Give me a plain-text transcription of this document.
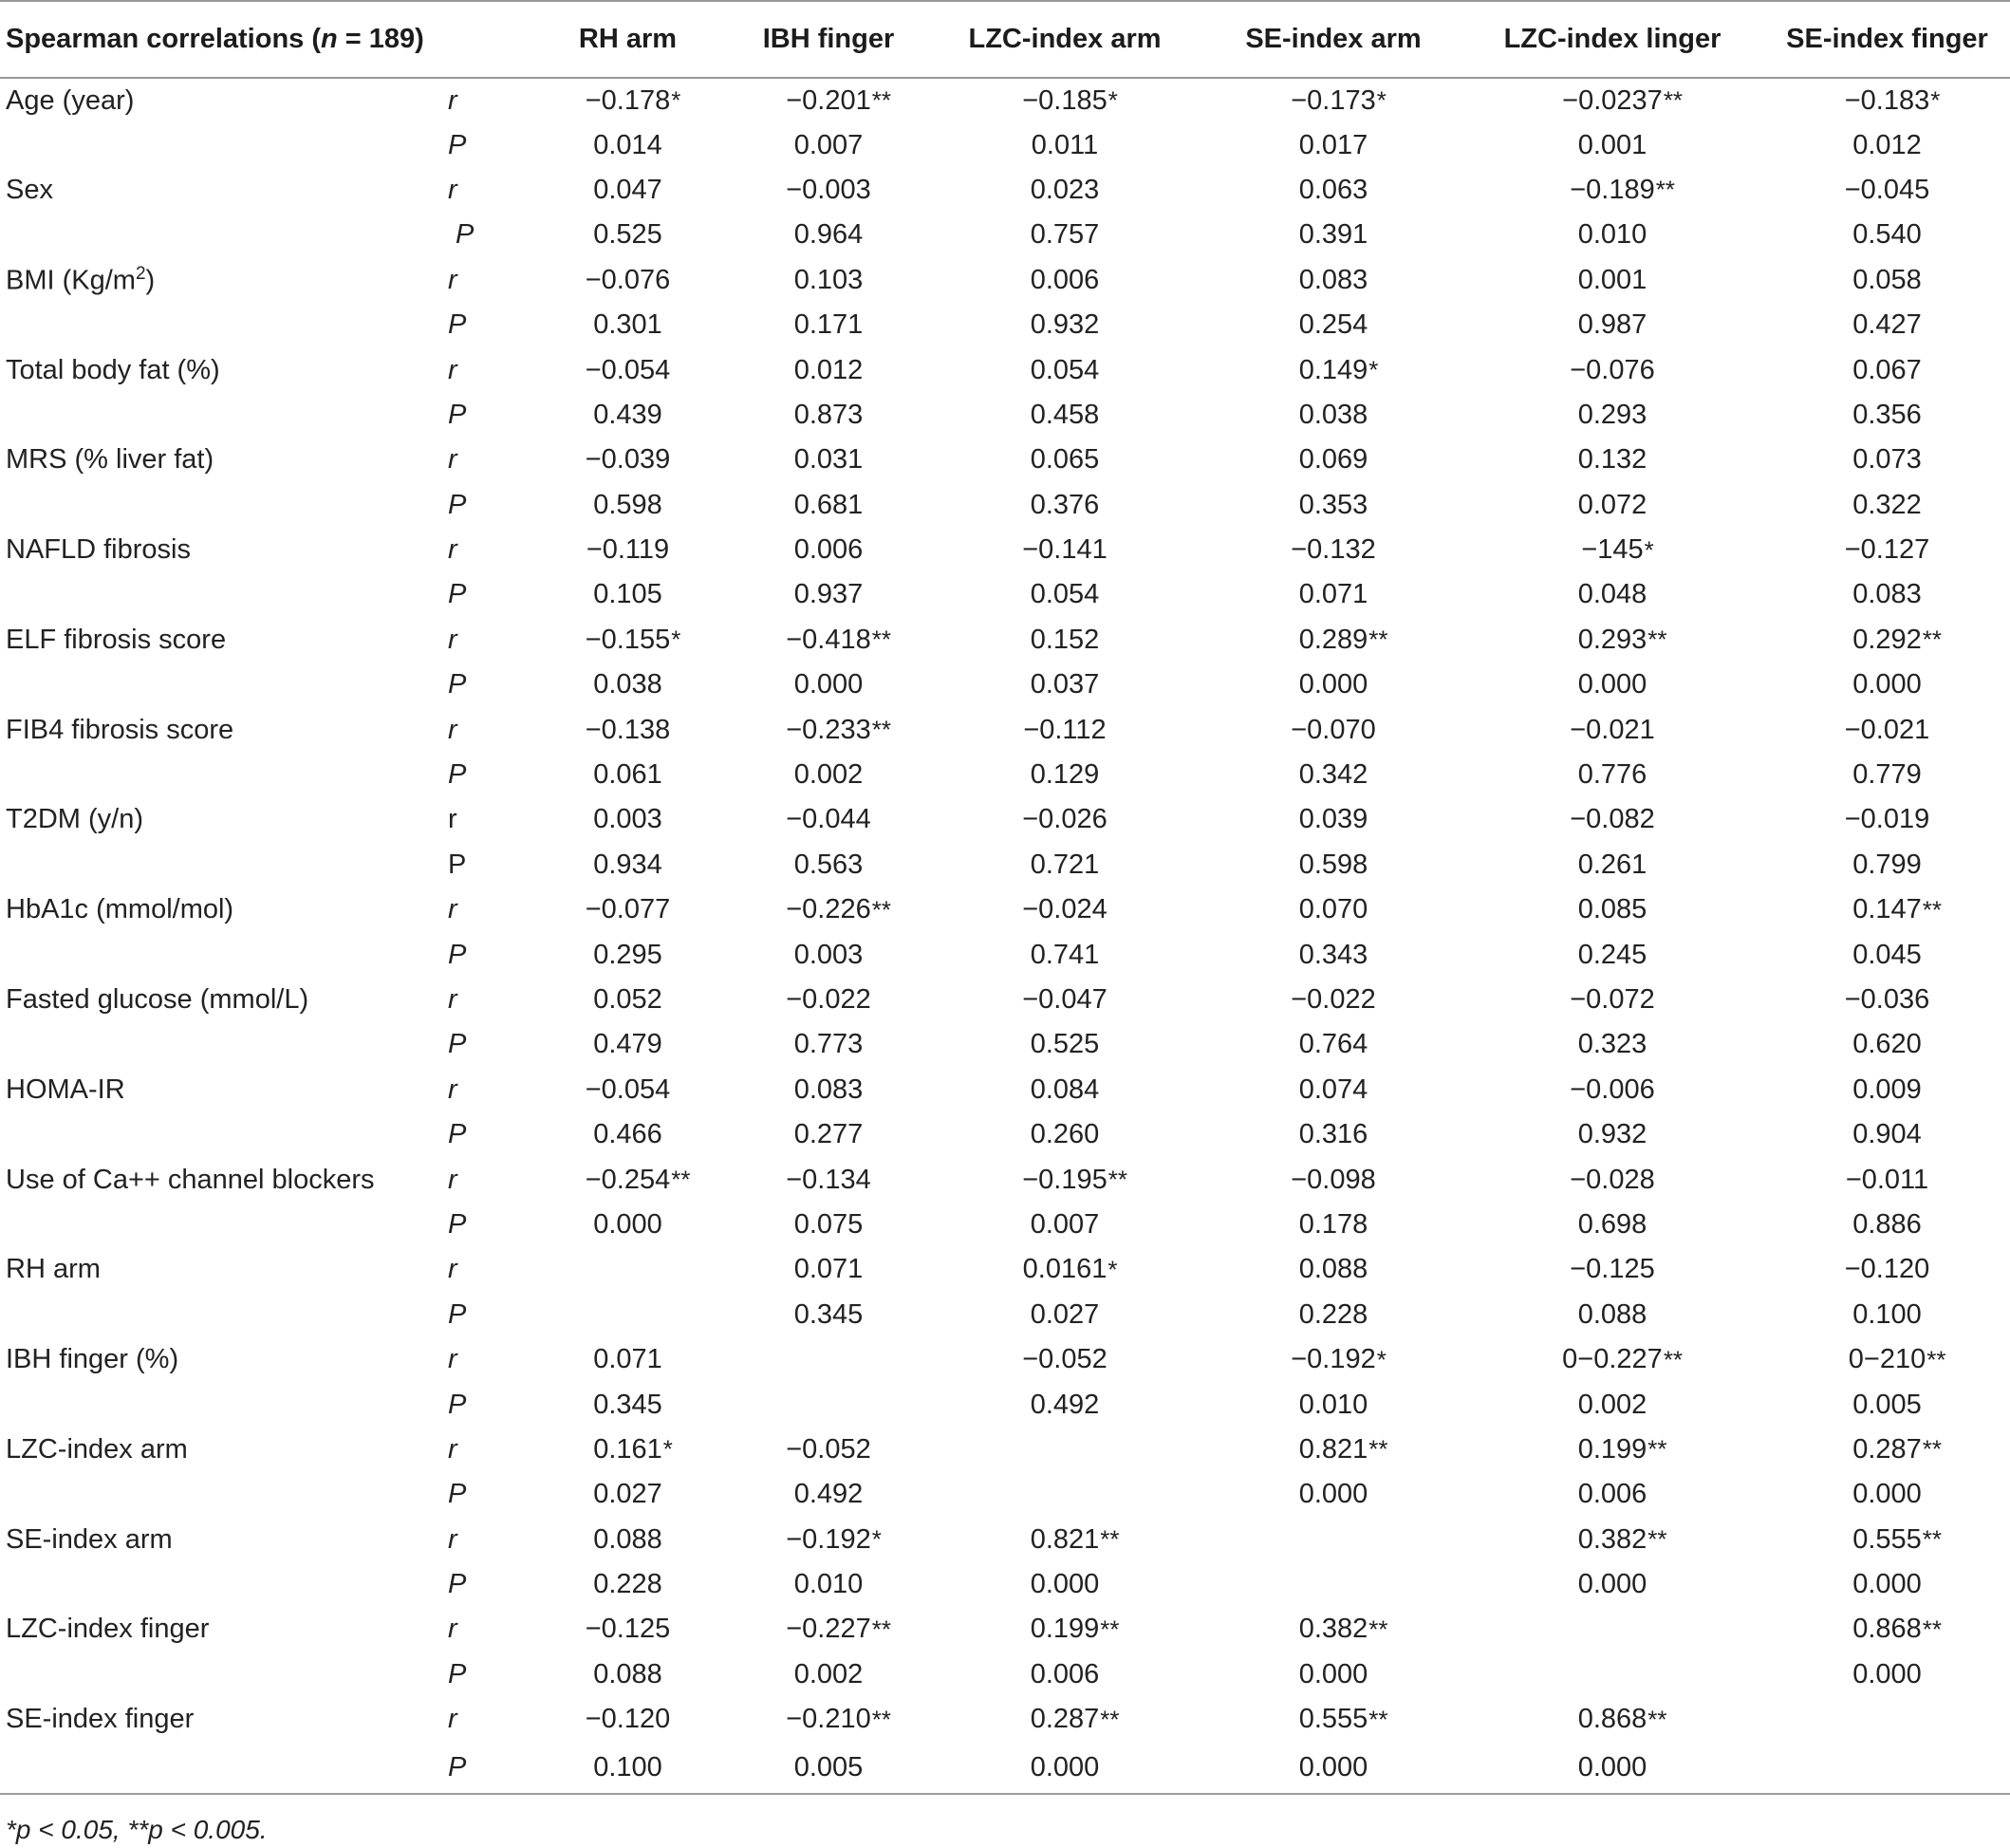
Spearman correlations (n = 189)		RH arm	IBH finger	LZC-index arm	SE-index arm	LZC-index linger	SE-index finger
Age (year)	r	−0.178 *	−0.201 **	−0.185 *	−0.173 *	−0.0237 **	−0.183 *

	P	0.014	0.007	0.011	0.017	0.001	0.012

Sex	r	0.047	−0.003	0.023	0.063	−0.189 **	−0.045

	P	0.525	0.964	0.757	0.391	0.010	0.540

BMI $(Kg/m^2)$	r	−0.076	0.103	0.006	0.083	0.001	0.058

	P	0.301	0.171	0.932	0.254	0.987	0.427

Total body fat (%)	r	−0.054	0.012	0.054	0.149 *	−0.076	0.067

	P	0.439	0.873	0.458	0.038	0.293	0.356

MRS (% liver fat)	r	−0.039	0.031	0.065	0.069	0.132	0.073

	P	0.598	0.681	0.376	0.353	0.072	0.322

NAFLD fibrosis	r	−0.119	0.006	−0.141	−0.132	−145 *	−0.127

	P	0.105	0.937	0.054	0.071	0.048	0.083

ELF fibrosis score	r	−0.155 *	−0.418 **	0.152	0.289 **	0.293 **	0.292 **

	P	0.038	0.000	0.037	0.000	0.000	0.000

FIB4 fibrosis score	r	−0.138	−0.233 **	−0.112	−0.070	−0.021	−0.021

	P	0.061	0.002	0.129	0.342	0.776	0.779

T2DM (y/n)	r	0.003	−0.044	−0.026	0.039	−0.082	−0.019

	P	0.934	0.563	0.721	0.598	0.261	0.799

HbA1c (mmol/mol)	r	−0.077	−0.226 **	−0.024	0.070	0.085	0.147 **

	P	0.295	0.003	0.741	0.343	0.245	0.045

Fasted glucose (mmol/L)	r	0.052	−0.022	−0.047	−0.022	−0.072	−0.036

	P	0.479	0.773	0.525	0.764	0.323	0.620

HOMA-IR	r	−0.054	0.083	0.084	0.074	−0.006	0.009

	P	0.466	0.277	0.260	0.316	0.932	0.904

Use of Ca++ channel blockers	r	−0.254 **	−0.134	−0.195 **	−0.098	−0.028	−0.011

	P	0.000	0.075	0.007	0.178	0.698	0.886

RH arm	r		0.071	0.0161 *	0.088	−0.125	−0.120

	P		0.345	0.027	0.228	0.088	0.100

IBH finger (%)	r	0.071		−0.052	−0.192 *	0−0.227 **	0−210 **

	P	0.345		0.492	0.010	0.002	0.005

LZC-index arm	r	0.161 *	−0.052		0.821 **	0.199 **	0.287 **

	P	0.027	0.492		0.000	0.006	0.000

SE-index arm	r	0.088	−0.192 *	0.821 **		0.382 **	0.555 **

	P	0.228	0.010	0.000		0.000	0.000

LZC-index finger	r	−0.125	−0.227 **	0.199 **	0.382 **		0.868 **

	P	0.088	0.002	0.006	0.000		0.000

SE-index finger	r	−0.120	−0.210 **	0.287 **	0.555 **	0.868 **	

	P	0.100	0.005	0.000	0.000	0.000

*p < 0.05, **p < 0.005.
